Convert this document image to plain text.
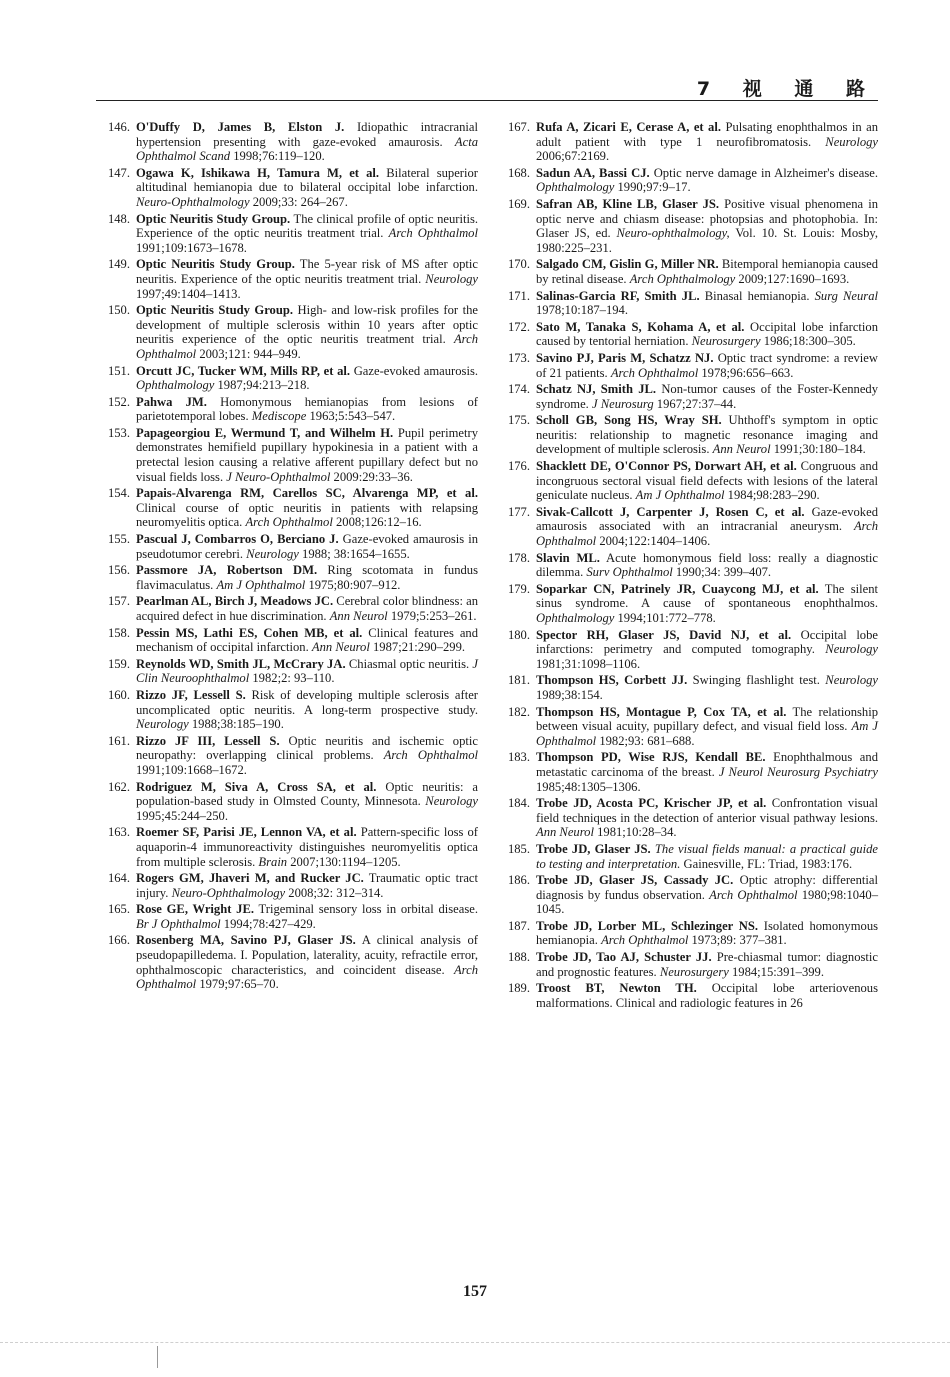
7 视 通 路
146. O'Duffy D, James B, Elston J. Idiopathic intracranial hypertension presenting with gaze-evoked amaurosis. Acta Ophthalmol Scand 1998;76:119–120.
147. Ogawa K, Ishikawa H, Tamura M, et al. Bilateral superior altitudinal hemianopia due to bilateral occipital lobe infarction. Neuro-Ophthalmology 2009;33: 264–267.
148. Optic Neuritis Study Group. The clinical profile of optic neuritis. Experience of the optic neuritis treatment trial. Arch Ophthalmol 1991;109:1673–1678.
149. Optic Neuritis Study Group. The 5-year risk of MS after optic neuritis. Experience of the optic neuritis treatment trial. Neurology 1997;49:1404–1413.
150. Optic Neuritis Study Group. High- and low-risk profiles for the development of multiple sclerosis within 10 years after optic neuritis experience of the optic neuritis treatment trial. Arch Ophthalmol 2003;121: 944–949.
151. Orcutt JC, Tucker WM, Mills RP, et al. Gaze-evoked amaurosis. Ophthalmology 1987;94:213–218.
152. Pahwa JM. Homonymous hemianopias from lesions of parietotemporal lobes. Mediscope 1963;5:543–547.
153. Papageorgiou E, Wermund T, and Wilhelm H. Pupil perimetry demonstrates hemifield pupillary hypokinesia in a patient with a pretectal lesion causing a relative afferent pupillary defect but no visual fields loss. J Neuro-Ophthalmol 2009:29:33–36.
154. Papais-Alvarenga RM, Carellos SC, Alvarenga MP, et al. Clinical course of optic neuritis in patients with relapsing neuromyelitis optica. Arch Ophthalmol 2008;126:12–16.
155. Pascual J, Combarros O, Berciano J. Gaze-evoked amaurosis in pseudotumor cerebri. Neurology 1988; 38:1654–1655.
156. Passmore JA, Robertson DM. Ring scotomata in fundus flavimaculatus. Am J Ophthalmol 1975;80:907–912.
157. Pearlman AL, Birch J, Meadows JC. Cerebral color blindness: an acquired defect in hue discrimination. Ann Neurol 1979;5:253–261.
158. Pessin MS, Lathi ES, Cohen MB, et al. Clinical features and mechanism of occipital infarction. Ann Neurol 1987;21:290–299.
159. Reynolds WD, Smith JL, McCrary JA. Chiasmal optic neuritis. J Clin Neuroophthalmol 1982;2: 93–110.
160. Rizzo JF, Lessell S. Risk of developing multiple sclerosis after uncomplicated optic neuritis. A long-term prospective study. Neurology 1988;38:185–190.
161. Rizzo JF III, Lessell S. Optic neuritis and ischemic optic neuropathy: overlapping clinical problems. Arch Ophthalmol 1991;109:1668–1672.
162. Rodriguez M, Siva A, Cross SA, et al. Optic neuritis: a population-based study in Olmsted County, Minnesota. Neurology 1995;45:244–250.
163. Roemer SF, Parisi JE, Lennon VA, et al. Pattern-specific loss of aquaporin-4 immunoreactivity distinguishes neuromyelitis optica from multiple sclerosis. Brain 2007;130:1194–1205.
164. Rogers GM, Jhaveri M, and Rucker JC. Traumatic optic tract injury. Neuro-Ophthalmology 2008;32: 312–314.
165. Rose GE, Wright JE. Trigeminal sensory loss in orbital disease. Br J Ophthalmol 1994;78:427–429.
166. Rosenberg MA, Savino PJ, Glaser JS. A clinical analysis of pseudopapilledema. I. Population, laterality, acuity, refractile error, ophthalmoscopic characteristics, and coincident disease. Arch Ophthalmol 1979;97:65–70.
167. Rufa A, Zicari E, Cerase A, et al. Pulsating enophthalmos in an adult patient with type 1 neurofibromatosis. Neurology 2006;67:2169.
168. Sadun AA, Bassi CJ. Optic nerve damage in Alzheimer's disease. Ophthalmology 1990;97:9–17.
169. Safran AB, Kline LB, Glaser JS. Positive visual phenomena in optic nerve and chiasm disease: photopsias and photophobia. In: Glaser JS, ed. Neuro-ophthalmology, Vol. 10. St. Louis: Mosby, 1980:225–231.
170. Salgado CM, Gislin G, Miller NR. Bitemporal hemianopia caused by retinal disease. Arch Ophthalmology 2009;127:1690–1693.
171. Salinas-Garcia RF, Smith JL. Binasal hemianopia. Surg Neural 1978;10:187–194.
172. Sato M, Tanaka S, Kohama A, et al. Occipital lobe infarction caused by tentorial herniation. Neurosurgery 1986;18:300–305.
173. Savino PJ, Paris M, Schatzz NJ. Optic tract syndrome: a review of 21 patients. Arch Ophthalmol 1978;96:656–663.
174. Schatz NJ, Smith JL. Non-tumor causes of the Foster-Kennedy syndrome. J Neurosurg 1967;27:37–44.
175. Scholl GB, Song HS, Wray SH. Uhthoff's symptom in optic neuritis: relationship to magnetic resonance imaging and development of multiple sclerosis. Ann Neurol 1991;30:180–184.
176. Shacklett DE, O'Connor PS, Dorwart AH, et al. Congruous and incongruous sectoral visual field defects with lesions of the lateral geniculate nucleus. Am J Ophthalmol 1984;98:283–290.
177. Sivak-Callcott J, Carpenter J, Rosen C, et al. Gaze-evoked amaurosis associated with an intracranial aneurysm. Arch Ophthalmol 2004;122:1404–1406.
178. Slavin ML. Acute homonymous field loss: really a diagnostic dilemma. Surv Ophthalmol 1990;34: 399–407.
179. Soparkar CN, Patrinely JR, Cuaycong MJ, et al. The silent sinus syndrome. A cause of spontaneous enophthalmos. Ophthalmology 1994;101:772–778.
180. Spector RH, Glaser JS, David NJ, et al. Occipital lobe infarctions: perimetry and computed tomography. Neurology 1981;31:1098–1106.
181. Thompson HS, Corbett JJ. Swinging flashlight test. Neurology 1989;38:154.
182. Thompson HS, Montague P, Cox TA, et al. The relationship between visual acuity, pupillary defect, and visual field loss. Am J Ophthalmol 1982;93: 681–688.
183. Thompson PD, Wise RJS, Kendall BE. Enophthalmous and metastatic carcinoma of the breast. J Neurol Neurosurg Psychiatry 1985;48:1305–1306.
184. Trobe JD, Acosta PC, Krischer JP, et al. Confrontation visual field techniques in the detection of anterior visual pathway lesions. Ann Neurol 1981;10:28–34.
185. Trobe JD, Glaser JS. The visual fields manual: a practical guide to testing and interpretation. Gainesville, FL: Triad, 1983:176.
186. Trobe JD, Glaser JS, Cassady JC. Optic atrophy: differential diagnosis by fundus observation. Arch Ophthalmol 1980;98:1040–1045.
187. Trobe JD, Lorber ML, Schlezinger NS. Isolated homonymous hemianopia. Arch Ophthalmol 1973;89: 377–381.
188. Trobe JD, Tao AJ, Schuster JJ. Pre-chiasmal tumor: diagnostic and prognostic features. Neurosurgery 1984;15:391–399.
189. Troost BT, Newton TH. Occipital lobe arteriovenous malformations. Clinical and radiologic features in 26
157
